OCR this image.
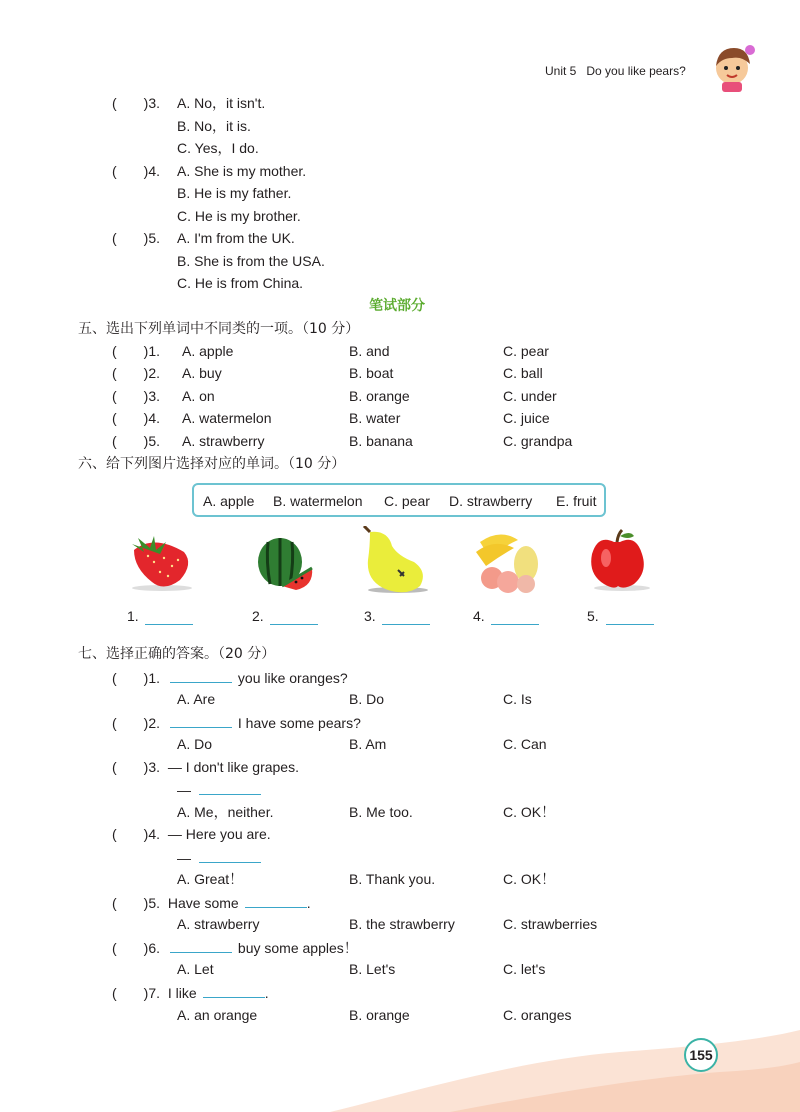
Unit 5 Do you like pears?
( )3. A. No，it isn't.
B. No，it is.
C. Yes，I do.
( )4. A. She is my mother.
B. He is my father.
C. He is my brother.
( )5. A. I'm from the UK.
B. She is from the USA.
C. He is from China.
笔试部分
五、选出下列单词中不同类的一项。（10 分）
( )1. A. apple	B. and	C. pear
( )2. A. buy	B. boat	C. ball
( )3. A. on	B. orange	C. under
( )4. A. watermelon	B. water	C. juice
( )5. A. strawberry	B. banana	C. grandpa
六、给下列图片选择对应的单词。（10 分）
A. apple B. watermelon C. pear D. strawberry E. fruit
1.	2.	3.	4.	5.
七、选择正确的答案。（20 分）
( )1.	you like oranges?
A. Are	B. Do	C. Is
( )2.	I have some pears?
A. Do	B. Am	C. Can
( )3. — I don't like grapes.
—
A. Me，neither.	B. Me too.	C. OK！
( )4. — Here you are.
—
A. Great！	B. Thank you.	C. OK！
( )5. Have some	.
A. strawberry	B. the strawberry	C. strawberries
( )6.	buy some apples！
A. Let	B. Let's	C. let's
( )7. I like	.
A. an orange	B. orange	C. oranges
155
